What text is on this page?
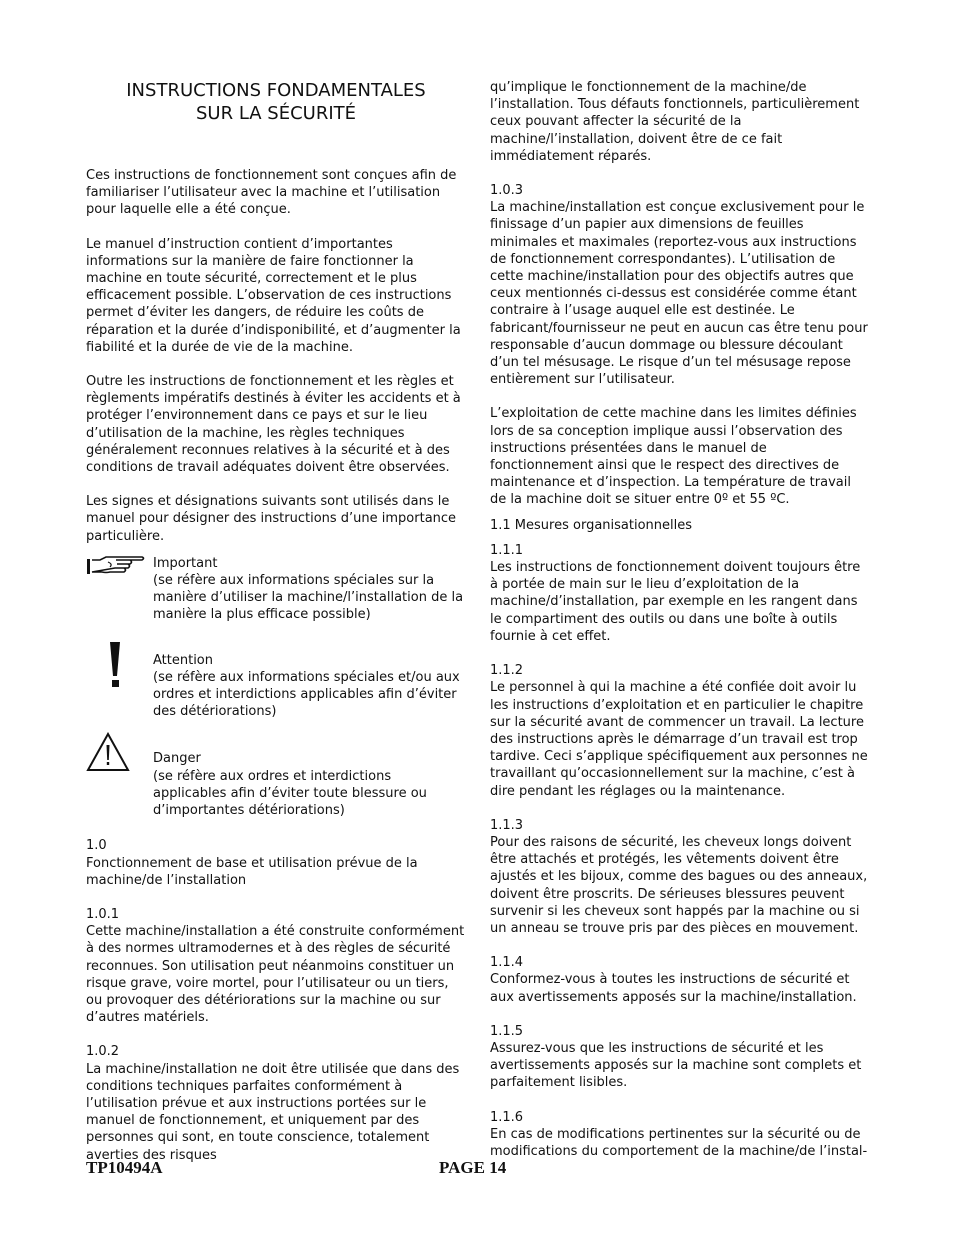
INSTRUCTIONS FONDAMENTALES
SUR LA SÉCURITÉ

Ces instructions de fonctionnement sont conçues afin de familiariser l’utilisateur avec la machine et l’utilisation pour laquelle elle a été conçue.

Le manuel d’instruction contient d’importantes informations sur la manière de faire fonctionner la machine en toute sécurité, correctement et le plus efficacement possible. L’observation de ces instructions permet d’éviter les dangers, de réduire les coûts de réparation et la durée d’indisponibilité, et d’augmenter la fiabilité et la durée de vie de la machine.

Outre les instructions de fonctionnement et les règles et règlements impératifs destinés à éviter les accidents et à protéger l’environnement dans ce pays et sur le lieu d’utilisation de la machine, les règles techniques généralement reconnues relatives à la sécurité et à des conditions de travail adéquates doivent être observées.

Les signes et désignations suivants sont utilisés dans le manuel pour désigner des instructions d’une importance particulière.

Important
(se réfère aux informations spéciales sur la manière d’utiliser la machine/l’installation de la manière la plus efficace possible)
Attention
(se réfère aux informations spéciales et/ou aux ordres et interdictions applicables afin d’éviter des détériorations)
Danger
(se réfère aux ordres et interdictions applicables afin d’éviter toute blessure ou d’importantes détériorations)

1.0
Fonctionnement de base et utilisation prévue de la machine/de l’installation

1.0.1
Cette machine/installation a été construite conformément à des normes ultramodernes et à des règles de sécurité reconnues. Son utilisation peut néanmoins constituer un risque grave, voire mortel, pour l’utilisateur ou un tiers, ou provoquer des détériorations sur la machine ou sur d’autres matériels.

1.0.2
La machine/installation ne doit être utilisée que dans des conditions techniques parfaites conformément à l’utilisation prévue et aux instructions portées sur le manuel de fonctionnement, et uniquement par des personnes qui sont, en toute conscience, totalement averties des risques

qu’implique le fonctionnement de la machine/de l’installation. Tous défauts fonctionnels, particulièrement ceux pouvant affecter la sécurité de la machine/l’installation, doivent être de ce fait immédiatement réparés.

1.0.3
La machine/installation est conçue exclusivement pour le finissage d’un papier aux dimensions de feuilles minimales et maximales (reportez-vous aux instructions de fonctionnement correspondantes). L’utilisation de cette machine/installation pour des objectifs autres que ceux mentionnés ci-dessus est considérée comme étant contraire à l’usage auquel elle est destinée. Le fabricant/fournisseur ne peut en aucun cas être tenu pour responsable d’aucun dommage ou blessure découlant d’un tel mésusage. Le risque d’un tel mésusage repose entièrement sur l’utilisateur.

L’exploitation de cette machine dans les limites définies lors de sa conception implique aussi l’observation des instructions présentées dans le manuel de fonctionnement ainsi que le respect des directives de maintenance et d’inspection. La température de travail de la machine doit se situer entre 0º et 55 ºC.

1.1 Mesures organisationnelles

1.1.1
Les instructions de fonctionnement doivent toujours être à portée de main sur le lieu d’exploitation de la machine/d’installation, par exemple en les rangent dans le compartiment des outils ou dans une boîte à outils fournie à cet effet.

1.1.2
Le personnel à qui la machine a été confiée doit avoir lu les instructions d’exploitation et en particulier le chapitre sur la sécurité avant de commencer un travail. La lecture des instructions après le démarrage d’un travail est trop tardive. Ceci s’applique spécifiquement aux personnes ne travaillant qu’occasionnellement sur la machine, c’est à dire pendant les réglages ou la maintenance.

1.1.3
Pour des raisons de sécurité, les cheveux longs doivent être attachés et protégés, les vêtements doivent être ajustés et les bijoux, comme des bagues ou des anneaux, doivent être proscrits. De sérieuses blessures peuvent survenir si les cheveux sont happés par la machine ou si un anneau se trouve pris par des pièces en mouvement.

1.1.4
Conformez-vous à toutes les instructions de sécurité et aux avertissements apposés sur la machine/installation.

1.1.5
Assurez-vous que les instructions de sécurité et les avertissements apposés sur la machine sont complets et parfaitement lisibles.

1.1.6
En cas de modifications pertinentes sur la sécurité ou de modifications du comportement de la machine/de l’instal-

TP10494A	PAGE 14
